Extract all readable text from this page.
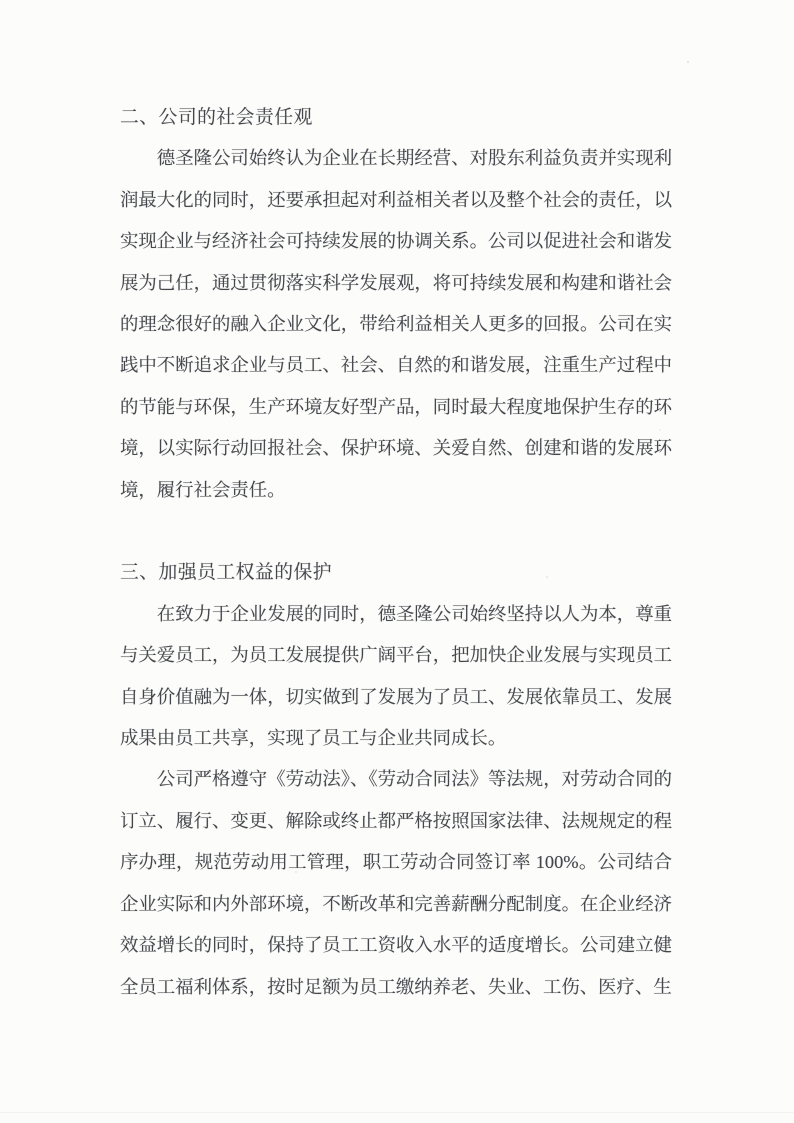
二、公司的社会责任观

德圣隆公司始终认为企业在长期经营、对股东利益负责并实现利润最大化的同时，还要承担起对利益相关者以及整个社会的责任，以实现企业与经济社会可持续发展的协调关系。公司以促进社会和谐发展为己任，通过贯彻落实科学发展观，将可持续发展和构建和谐社会的理念很好的融入企业文化，带给利益相关人更多的回报。公司在实践中不断追求企业与员工、社会、自然的和谐发展，注重生产过程中的节能与环保，生产环境友好型产品，同时最大程度地保护生存的环境，以实际行动回报社会、保护环境、关爱自然、创建和谐的发展环境，履行社会责任。

三、加强员工权益的保护

在致力于企业发展的同时，德圣隆公司始终坚持以人为本，尊重与关爱员工，为员工发展提供广阔平台，把加快企业发展与实现员工自身价值融为一体，切实做到了发展为了员工、发展依靠员工、发展成果由员工共享，实现了员工与企业共同成长。

公司严格遵守《劳动法》、《劳动合同法》等法规，对劳动合同的订立、履行、变更、解除或终止都严格按照国家法律、法规规定的程序办理，规范劳动用工管理，职工劳动合同签订率 100%。公司结合企业实际和内外部环境，不断改革和完善薪酬分配制度。在企业经济效益增长的同时，保持了员工工资收入水平的适度增长。公司建立健全员工福利体系，按时足额为员工缴纳养老、失业、工伤、医疗、生
